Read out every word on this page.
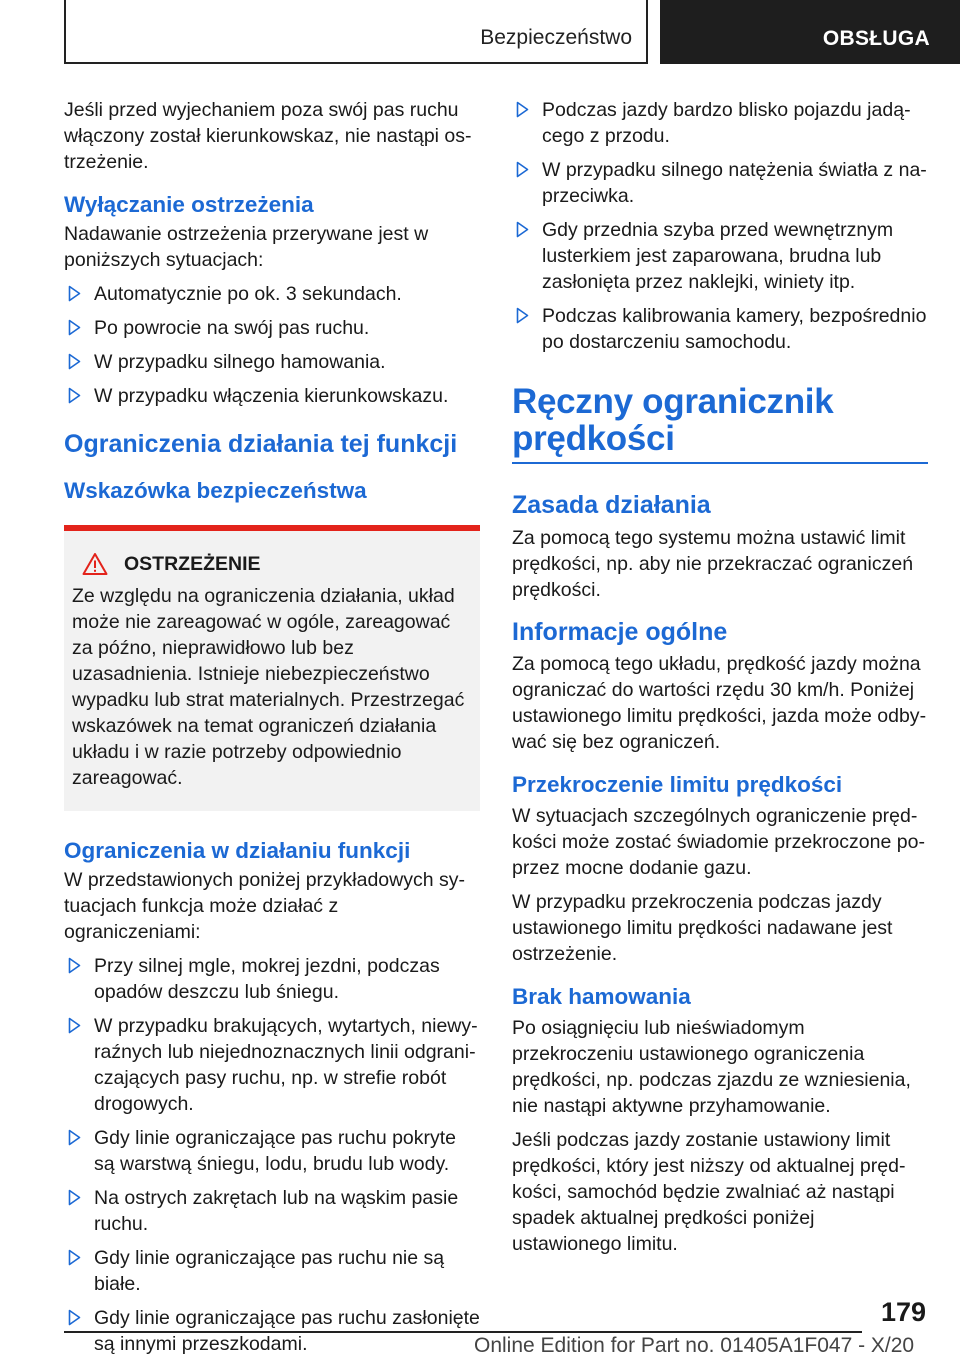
Bezpieczeństwo	OBSŁUGA

Jeśli przed wyjechaniem poza swój pas ruchu włączony został kierunkowskaz, nie nastąpi ostrzeżenie.

Wyłączanie ostrzeżenia

Nadawanie ostrzeżenia przerywane jest w poniższych sytuacjach:

Automatycznie po ok. 3 sekundach.
Po powrocie na swój pas ruchu.
W przypadku silnego hamowania.
W przypadku włączenia kierunkowskazu.
Ograniczenia działania tej funkcji
Wskazówka bezpieczeństwa
OSTRZEŻENIE

Ze względu na ograniczenia działania, układ może nie zareagować w ogóle, zareagować za późno, nieprawidłowo lub bez uzasadnienia. Istnieje niebezpieczeństwo wypadku lub strat materialnych. Przestrzegać wskazówek na temat ograniczeń działania układu i w razie potrzeby odpowiednio zareagować.

Ograniczenia w działaniu funkcji

W przedstawionych poniżej przykładowych sytuacjach funkcja może działać z ograniczeniami:

Przy silnej mgle, mokrej jezdni, podczas opadów deszczu lub śniegu.
W przypadku brakujących, wytartych, niewyraźnych lub niejednoznacznych linii odgraniczających pasy ruchu, np. w strefie robót drogowych.
Gdy linie ograniczające pas ruchu pokryte są warstwą śniegu, lodu, brudu lub wody.
Na ostrych zakrętach lub na wąskim pasie ruchu.
Gdy linie ograniczające pas ruchu nie są białe.
Gdy linie ograniczające pas ruchu zasłonięte są innymi przeszkodami.
Podczas jazdy bardzo blisko pojazdu jadącego z przodu.
W przypadku silnego natężenia światła z naprzeciwka.
Gdy przednia szyba przed wewnętrznym lusterkiem jest zaparowana, brudna lub zasłonięta przez naklejki, winiety itp.
Podczas kalibrowania kamery, bezpośrednio po dostarczeniu samochodu.
Ręczny ogranicznik
prędkości
Zasada działania

Za pomocą tego systemu można ustawić limit prędkości, np. aby nie przekraczać ograniczeń prędkości.

Informacje ogólne

Za pomocą tego układu, prędkość jazdy można ograniczać do wartości rzędu 30 km/h. Poniżej ustawionego limitu prędkości, jazda może odbywać się bez ograniczeń.

Przekroczenie limitu prędkości

W sytuacjach szczególnych ograniczenie prędkości może zostać świadomie przekroczone poprzez mocne dodanie gazu.

W przypadku przekroczenia podczas jazdy ustawionego limitu prędkości nadawane jest ostrzeżenie.

Brak hamowania

Po osiągnięciu lub nieświadomym przekroczeniu ustawionego ograniczenia prędkości, np. podczas zjazdu ze wzniesienia, nie nastąpi aktywne przyhamowanie.

Jeśli podczas jazdy zostanie ustawiony limit prędkości, który jest niższy od aktualnej prędkości, samochód będzie zwalniać aż nastąpi spadek aktualnej prędkości poniżej ustawionego limitu.

179
Online Edition for Part no. 01405A1F047 - X/20
